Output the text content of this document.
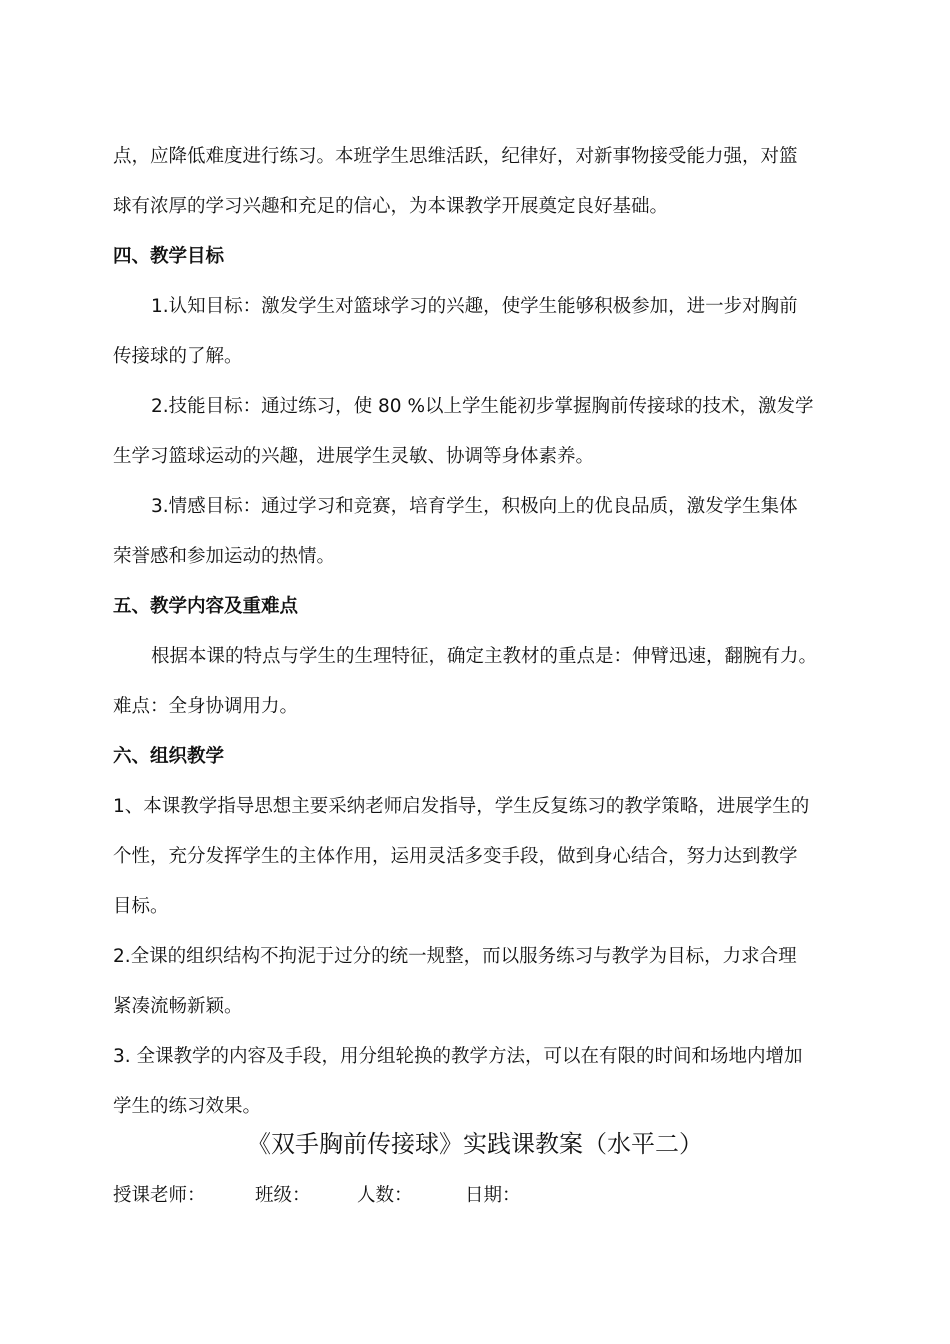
点，应降低难度进行练习。本班学生思维活跃，纪律好，对新事物接受能力强，对篮

球有浓厚的学习兴趣和充足的信心，为本课教学开展奠定良好基础。

四、教学目标

1.认知目标：激发学生对篮球学习的兴趣，使学生能够积极参加，进一步对胸前

传接球的了解。

2.技能目标：通过练习，使 80 %以上学生能初步掌握胸前传接球的技术，激发学

生学习篮球运动的兴趣，进展学生灵敏、协调等身体素养。

3.情感目标：通过学习和竞赛，培育学生，积极向上的优良品质，激发学生集体

荣誉感和参加运动的热情。

五、教学内容及重难点

根据本课的特点与学生的生理特征，确定主教材的重点是：伸臂迅速，翻腕有力。

难点：全身协调用力。

六、组织教学

1、本课教学指导思想主要采纳老师启发指导，学生反复练习的教学策略，进展学生的

个性，充分发挥学生的主体作用，运用灵活多变手段，做到身心结合，努力达到教学

目标。

2.全课的组织结构不拘泥于过分的统一规整，而以服务练习与教学为目标，力求合理

紧凑流畅新颖。

3. 全课教学的内容及手段，用分组轮换的教学方法，可以在有限的时间和场地内增加

学生的练习效果。

《双手胸前传接球》实践课教案（水平二）
授课老师：	班级：	人数：	日期：
